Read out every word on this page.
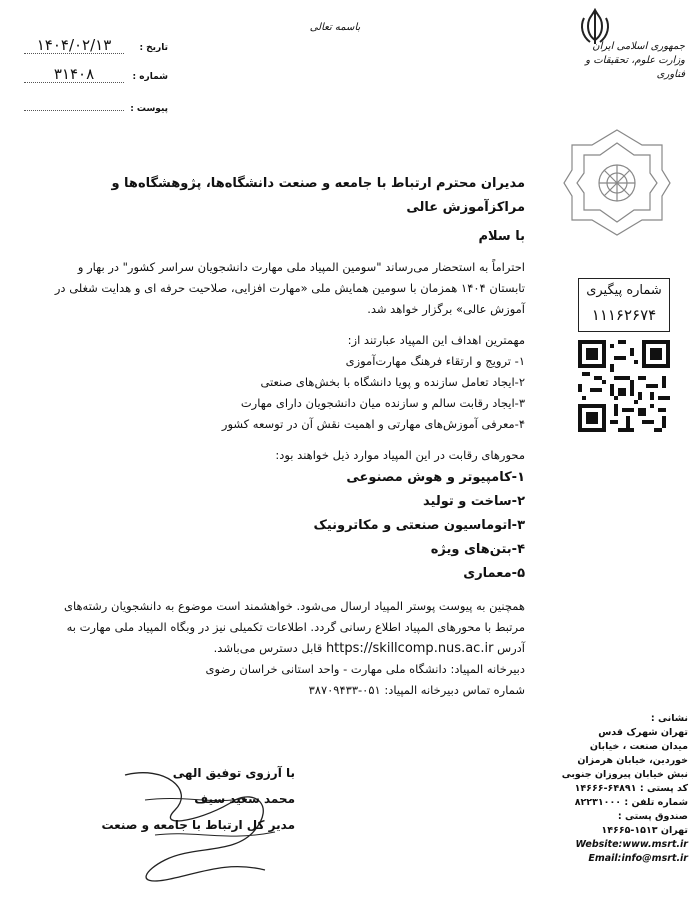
باسمه تعالی
جمهوری اسلامی ایران
وزارت علوم، تحقیقات و فناوری
تاریخ :
۱۴۰۴/۰۲/۱۳
شماره :
۳۱۴۰۸
پیوست :
شماره پیگیری
۱۱۱۶۲۶۷۴

مدیران محترم ارتباط با جامعه و صنعت دانشگاه‌ها، پژوهشگاه‌ها و مراکزآموزش عالی

با سلام

احتراماً به استحضار می‌رساند "سومین المپیاد ملی مهارت دانشجویان سراسر کشور" در بهار و تابستان ۱۴۰۴ همزمان با سومین همایش ملی «مهارت افزایی، صلاحیت حرفه ای و هدایت شغلی در آموزش عالی» برگزار خواهد شد.

مهمترین اهداف این المپیاد عبارتند از:

۱- ترویج و ارتقاء فرهنگ مهارت‌آموزی

۲-ایجاد تعامل سازنده و پویا دانشگاه با بخش‌های صنعتی

۳-ایجاد رقابت سالم و سازنده میان دانشجویان دارای مهارت

۴-معرفی آموزش‌های مهارتی و اهمیت نقش آن در توسعه کشور

محورهای رقابت در این المپیاد موارد ذیل خواهند بود:

۱-کامپیوتر و هوش مصنوعی

۲-ساخت و تولید

۳-اتوماسیون صنعتی و مکاترونیک

۴-بتن‌های ویژه

۵-معماری

همچنین به پیوست پوستر المپیاد ارسال می‌شود. خواهشمند است موضوع به دانشجویان رشته‌های مرتبط با محورهای المپیاد اطلاع رسانی گردد. اطلاعات تکمیلی نیز در وبگاه المپیاد ملی مهارت به آدرس https://skillcomp.nus.ac.ir قابل دسترس می‌باشد.

دبیرخانه المپیاد: دانشگاه ملی مهارت - واحد استانی خراسان رضوی

شماره تماس دبیرخانه المپیاد: ۰۵۱-۳۸۷۰۹۴۳۳

با آرزوی توفیق الهی
محمد سعید سیف
مدیر کل ارتباط با جامعه و صنعت
نشانی :
تهران شهرک قدس
میدان صنعت ، خیابان
خوردین، خیابان هرمزان
نبش خیابان پیروزان جنوبی
کد پستی : ۶۴۸۹۱-۱۴۶۶۶
شماره تلفن : ۸۲۲۳۱۰۰۰
صندوق پستی :
تهران ۱۵۱۳-۱۴۶۶۵
Website:www.msrt.ir
Email:info@msrt.ir
